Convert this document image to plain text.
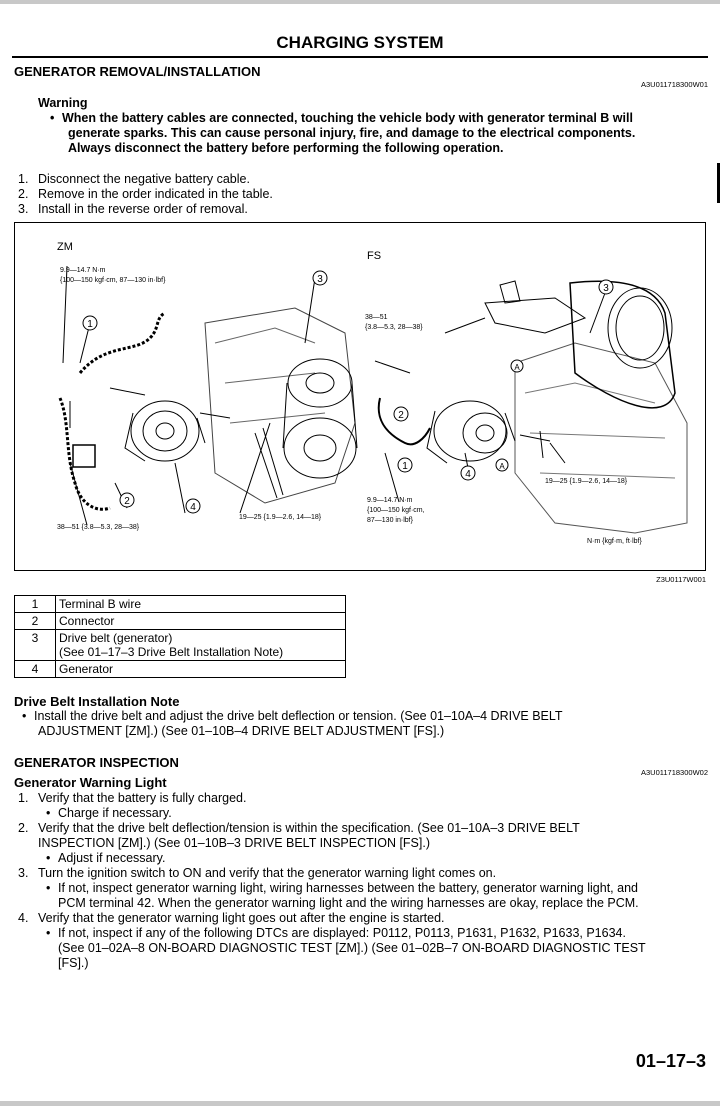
CHARGING SYSTEM
GENERATOR REMOVAL/INSTALLATION
A3U011718300W01
Warning
• When the battery cables are connected, touching the vehicle body with generator terminal B will
generate sparks. This can cause personal injury, fire, and damage to the electrical components.
Always disconnect the battery before performing the following operation.
1. Disconnect the negative battery cable.
2. Remove in the order indicated in the table.
3. Install in the reverse order of removal.
1
3
2
4
3
2
1
4
A
A
ZM
FS
9.9—14.7 N·m
{100—150 kgf·cm, 87—130 in·lbf}
38—51 {3.8—5.3, 28—38}
19—25 {1.9—2.6, 14—18}
38—51
{3.8—5.3, 28—38}
19—25 {1.9—2.6, 14—18}
9.9—14.7 N·m
{100—150 kgf·cm,
87—130 in·lbf}
N·m {kgf·m, ft·lbf}
Z3U0117W001
1	Terminal B wire
2	Connector
3	Drive belt (generator)
(See 01–17–3 Drive Belt Installation Note)

4	Generator
Drive Belt Installation Note
• Install the drive belt and adjust the drive belt deflection or tension. (See 01–10A–4 DRIVE BELT
ADJUSTMENT [ZM].) (See 01–10B–4 DRIVE BELT ADJUSTMENT [FS].)
GENERATOR INSPECTION
Generator Warning Light
A3U011718300W02
1. Verify that the battery is fully charged.
• Charge if necessary.
2. Verify that the drive belt deflection/tension is within the specification. (See 01–10A–3 DRIVE BELT
INSPECTION [ZM].) (See 01–10B–3 DRIVE BELT INSPECTION [FS].)
• Adjust if necessary.
3. Turn the ignition switch to ON and verify that the generator warning light comes on.
• If not, inspect generator warning light, wiring harnesses between the battery, generator warning light, and
PCM terminal 42. When the generator warning light and the wiring harnesses are okay, replace the PCM.
4. Verify that the generator warning light goes out after the engine is started.
• If not, inspect if any of the following DTCs are displayed: P0112, P0113, P1631, P1632, P1633, P1634.
(See 01–02A–8 ON-BOARD DIAGNOSTIC TEST [ZM].) (See 01–02B–7 ON-BOARD DIAGNOSTIC TEST
[FS].)
01–17–3
